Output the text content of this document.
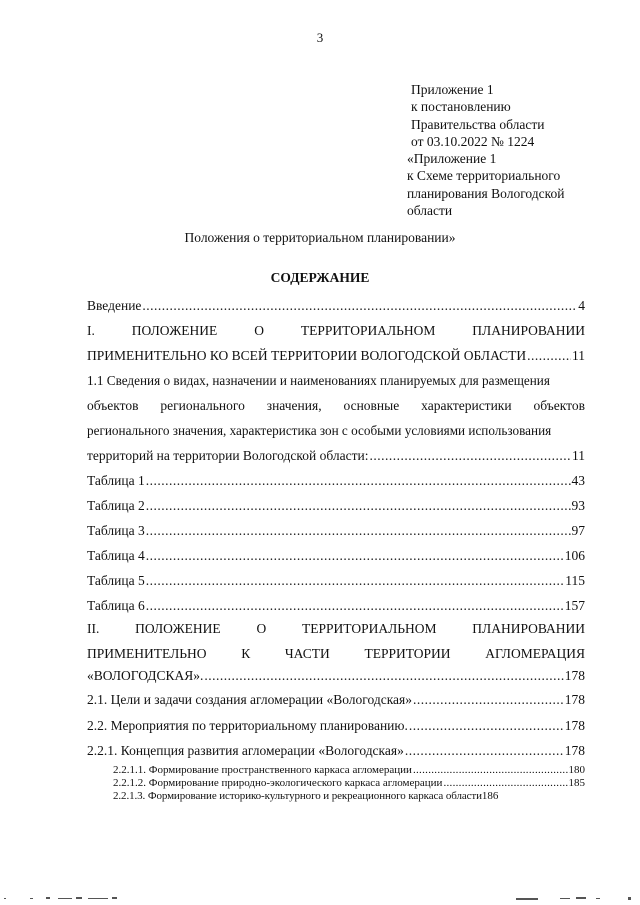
3
Приложение 1
к постановлению
Правительства области
от 03.10.2022 № 1224
«Приложение 1
к Схеме территориального
планирования Вологодской
области
Положения о территориальном планировании»
СОДЕРЖАНИЕ
Введение .....	4
I.	ПОЛОЖЕНИЕ	О	ТЕРРИТОРИАЛЬНОМ	ПЛАНИРОВАНИИ
ПРИМЕНИТЕЛЬНО КО ВСЕЙ ТЕРРИТОРИИ ВОЛОГОДСКОЙ ОБЛАСТИ .....	11
1.1 Сведения о видах, назначении и наименованиях планируемых для размещения
объектов регионального значения, основные характеристики объектов
регионального значения, характеристика зон с особыми условиями использования
территорий на территории Вологодской области: .....	11
Таблица 1 .....	43
Таблица 2 .....	93
Таблица 3 .....	97
Таблица 4 .....	106
Таблица 5 .....	115
Таблица 6 .....	157
II.	ПОЛОЖЕНИЕ	О	ТЕРРИТОРИАЛЬНОМ	ПЛАНИРОВАНИИ
ПРИМЕНИТЕЛЬНО	К	ЧАСТИ	ТЕРРИТОРИИ	АГЛОМЕРАЦИЯ
«ВОЛОГОДСКАЯ». .....	178
2.1. Цели и задачи создания агломерации «Вологодская» .....	178
2.2. Мероприятия по территориальному планированию. .....	178
2.2.1. Концепция развития агломерации «Вологодская» .....	178
2.2.1.1. Формирование пространственного каркаса агломерации .....	180
2.2.1.2. Формирование природно-экологического каркаса агломерации .....	185
2.2.1.3. Формирование историко-культурного и рекреационного каркаса области 186
